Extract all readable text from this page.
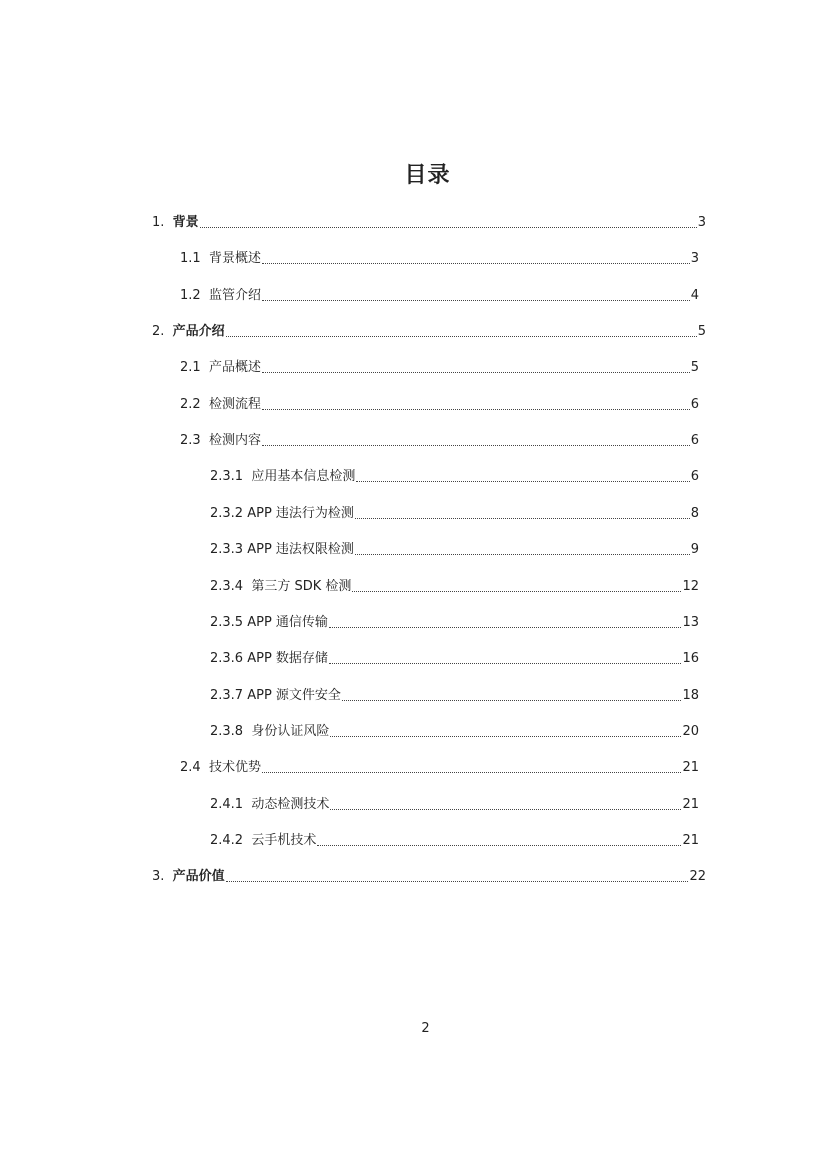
目录
1. 背景	3
1.1 背景概述	3
1.2 监管介绍	4
2. 产品介绍	5
2.1 产品概述	5
2.2 检测流程	6
2.3 检测内容	6
2.3.1 应用基本信息检测	6
2.3.2 APP 违法行为检测	8
2.3.3 APP 违法权限检测	9
2.3.4 第三方 SDK 检测	12
2.3.5 APP 通信传输	13
2.3.6 APP 数据存储	16
2.3.7 APP 源文件安全	18
2.3.8 身份认证风险	20
2.4 技术优势	21
2.4.1 动态检测技术	21
2.4.2 云手机技术	21
3. 产品价值	22
2
